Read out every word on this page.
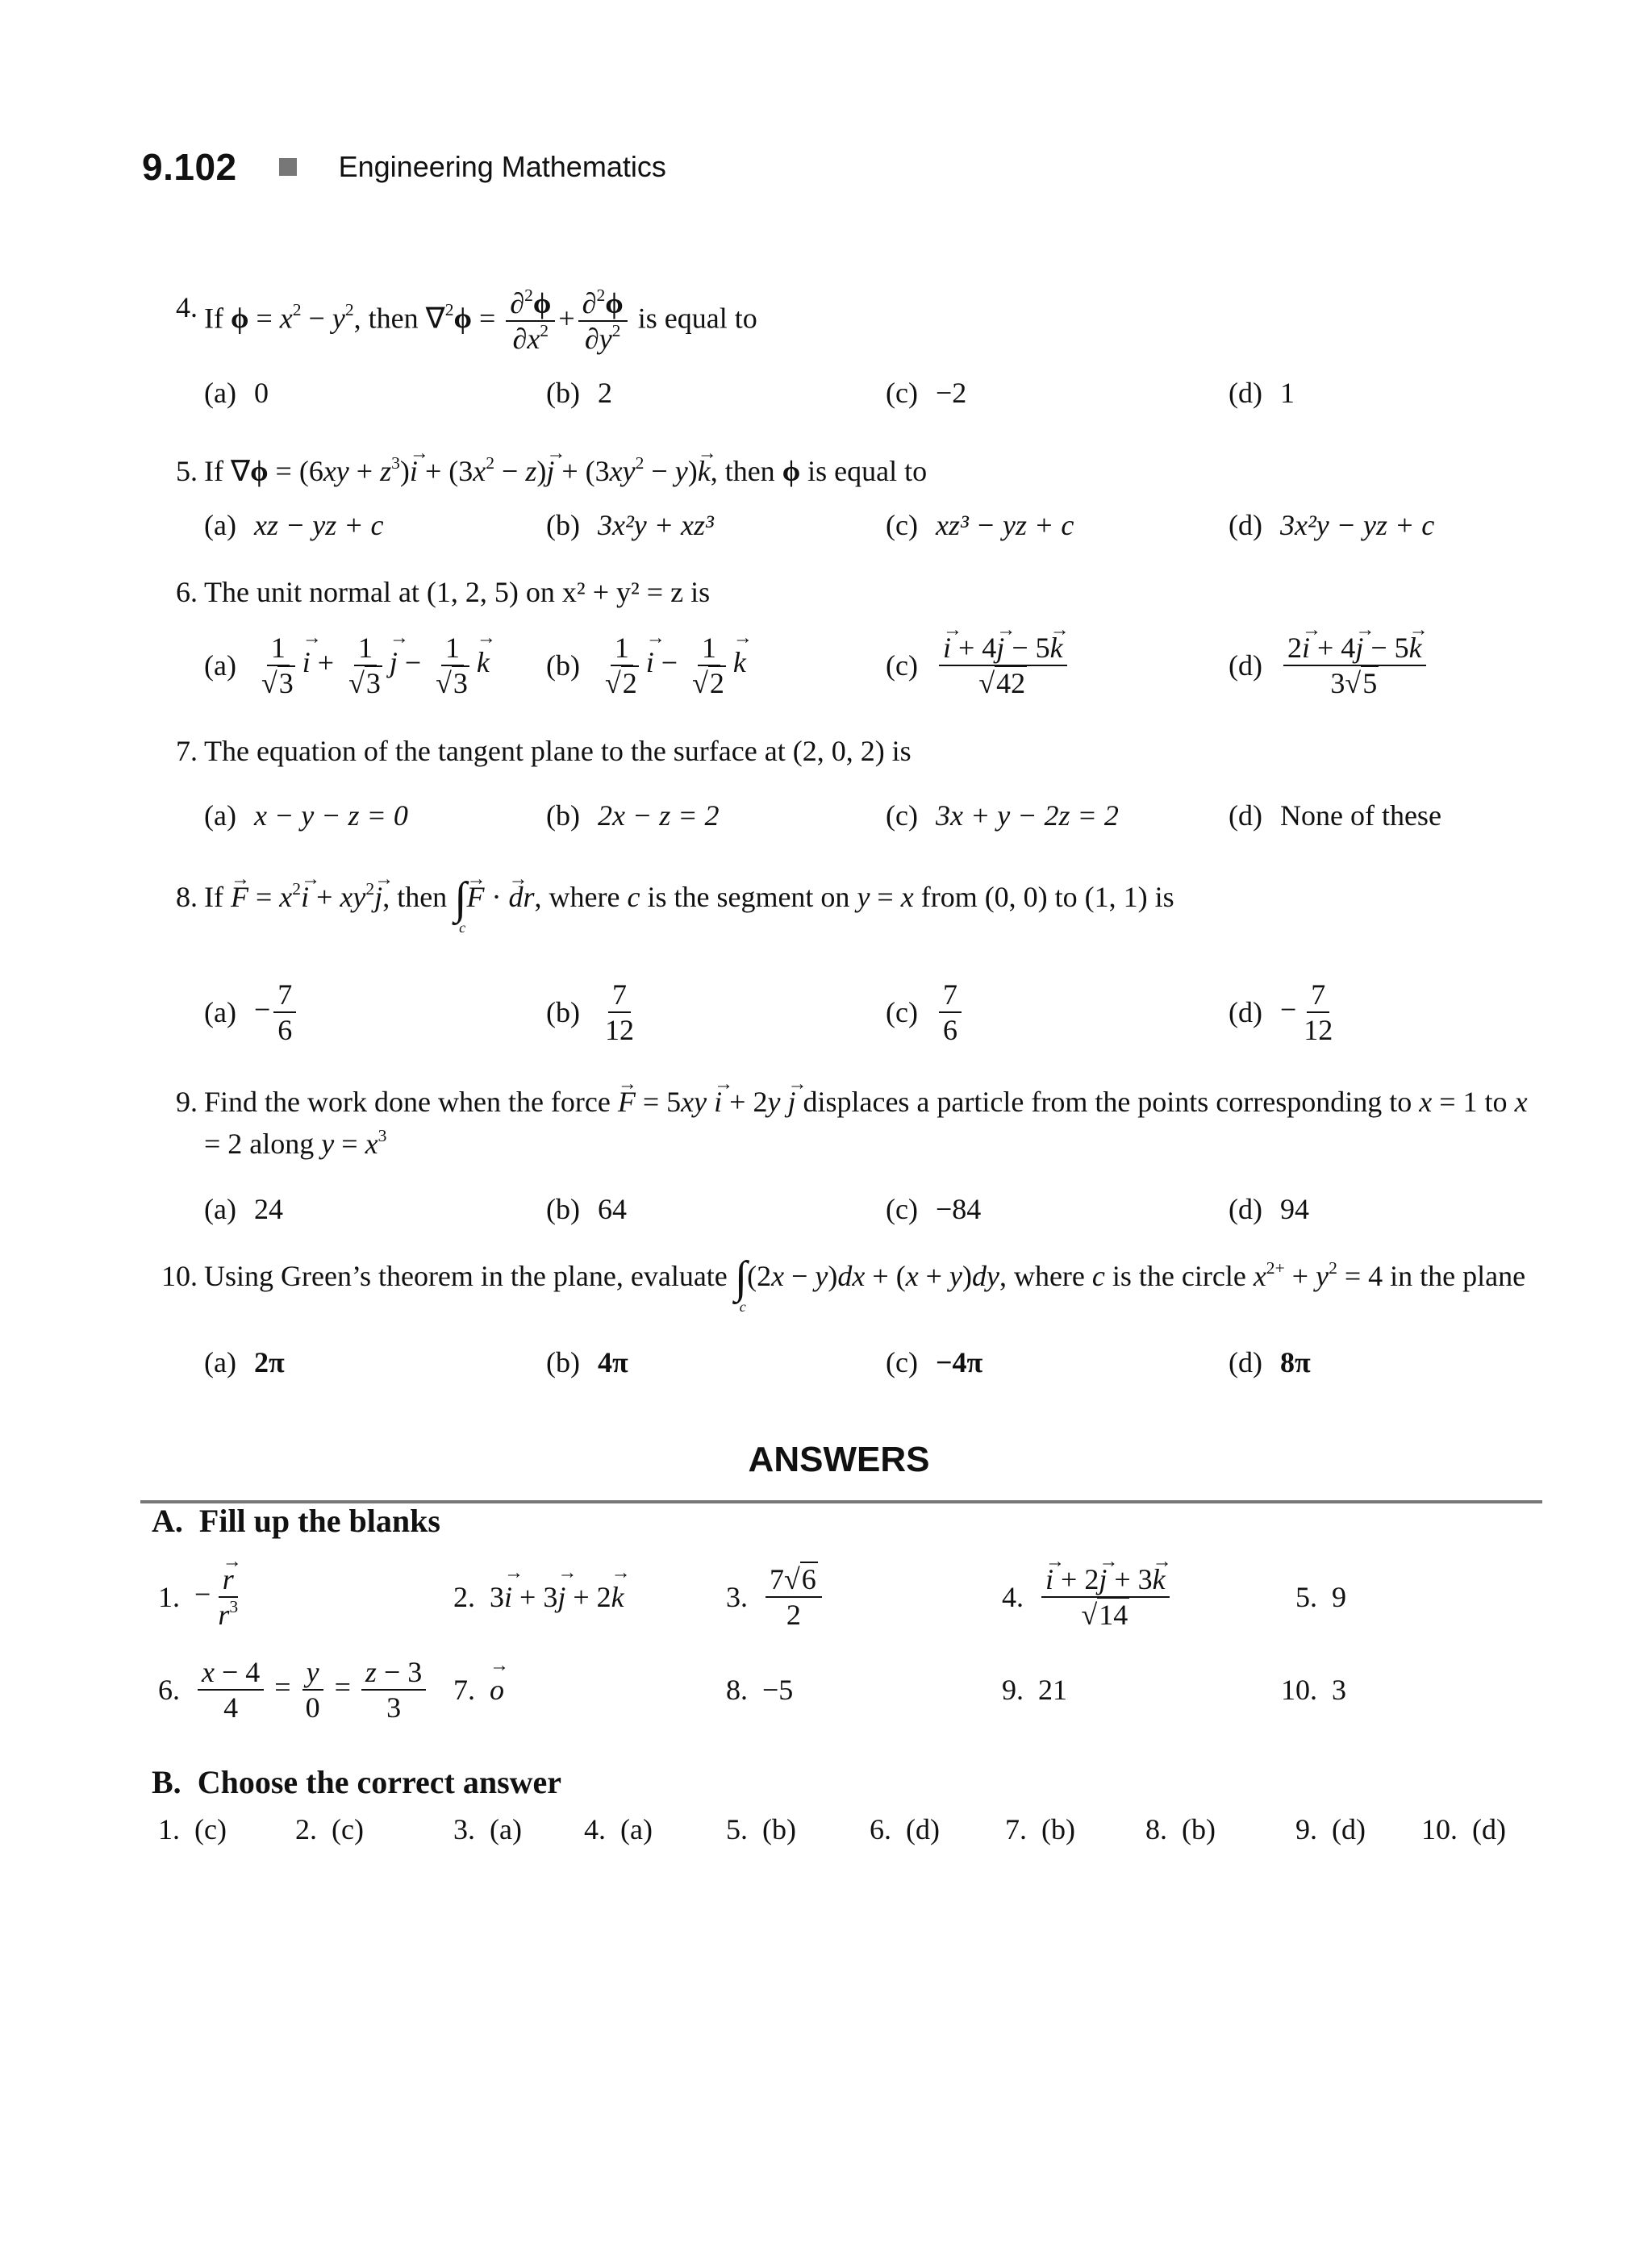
9.102	Engineering Mathematics
4. If $\phi = x^2 - y^2$, then $\nabla^2\phi = \frac{\partial^2\phi}{\partial x^2} + \frac{\partial^2\phi}{\partial y^2}$ is equal to
(a) 0	(b) 2	(c) −2	(d) 1
5. If $\nabla\phi = (6xy + z^3)\to i + (3x^2 - z)\to j + (3xy^2 - y)\to k$, then ϕ is equal to
(a) xz − yz + c	(b) 3x²y + xz³	(c) xz³ − yz + c	(d) 3x²y − yz + c
6. The unit normal at (1, 2, 5) on x² + y² = z is
$(a) \frac{1}{√3}$
→ $i + \frac{1}{√3}$
→ $j - \frac{1}{√3}$
→ k $(b) \frac{1}{√2}$
→ $i - \frac{1}{√2}$
→ k	(c)
→ $\frac{i + 4\to j - 5\to k}{√42}$	$(d) \frac{2\to i + 4\to j - 5\to k}{3√5}$
7. The equation of the tangent plane to the surface at (2, 0, 2) is
(a) x − y − z = 0	(b) 2x − z = 2	(c) 3x + y − 2z = 2	(d) None of these
8. $If \to F = x^2\to i + xy^2\to j$, then ∫
c
→ F · → dr, where c is the segment on y = x from (0, 0) to (1, 1) is
$(a) - \frac{7}{6}$	$(b) \frac{7}{12}$	$(c) \frac{7}{6}$	$(d) - \frac{7}{12}$
9. Find the work done when the force → F = 5xy → i + 2y → j displaces a particle from the points corresponding to x = 1 to x = 2 along $y = x^3$
(a) 24	(b) 64	(c) −84	(d) 94
10. Using Green’s theorem in the plane, evaluate ∫
c
(2x − y)dx + (x + y)dy, where c is the circle $x^{2+} + y^2 = 4$ in the plane
(a) 2π	(b) 4π	(c) −4π	(d) 8π
ANSWERS
A. Fill up the blanks
1. −
→ $\frac{r}{r^3}$	2. 3→ i + 3→ j + 2→ k	3. $\frac{7√6}{2}$	4.
→ $\frac{i + 2\to j + 3\to k}{√14}$	5. 9
6. $\frac{x - 4}{4} = \frac{y}{0} = \frac{z - 3}{3} 7$.
→ o	8. −5	9. 21	10. 3
B. Choose the correct answer
1. (c) 2. (c)	3. (a) 4. (a)	5. (b)	6. (d) 7. (b) 8. (b)	9. (d) 10. (d)
